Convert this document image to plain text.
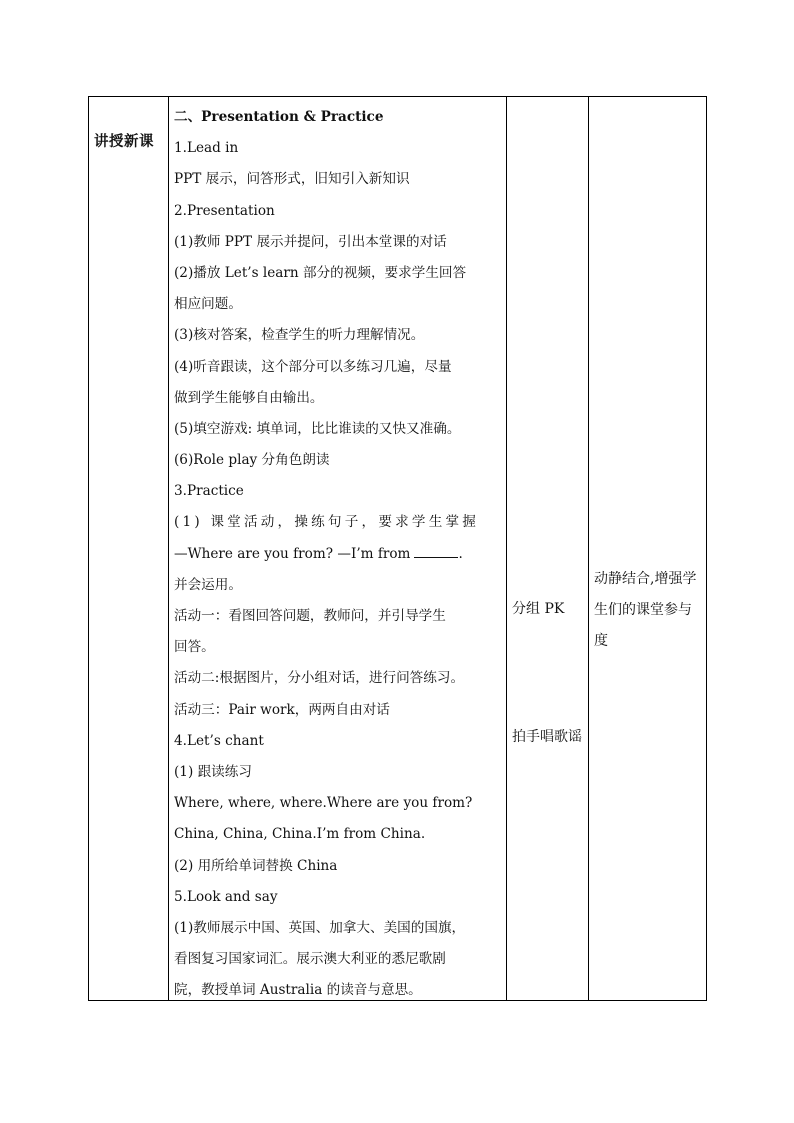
讲授新课
二、Presentation & Practice
1.Lead in
PPT 展示，问答形式，旧知引入新知识
2.Presentation
(1)教师 PPT 展示并提问，引出本堂课的对话
(2)播放 Let’s learn 部分的视频，要求学生回答
相应问题。
(3)核对答案，检查学生的听力理解情况。
(4)听音跟读，这个部分可以多练习几遍，尽量
做到学生能够自由输出。
(5)填空游戏: 填单词，比比谁读的又快又准确。
(6)Role play 分角色朗读
3.Practice
(1) 课堂活动，操练句子，要求学生掌握
—Where are you from? —I’m from	.
并会运用。
活动一：看图回答问题，教师问，并引导学生
回答。
活动二:根据图片，分小组对话，进行问答练习。
活动三：Pair work，两两自由对话
4.Let’s chant
(1) 跟读练习
Where, where, where.Where are you from?
China, China, China.I’m from China.
(2) 用所给单词替换 China
5.Look and say
(1)教师展示中国、英国、加拿大、美国的国旗，
看图复习国家词汇。展示澳大利亚的悉尼歌剧
院，教授单词 Australia 的读音与意思。

分组 PK

拍手唱歌谣

动静结合,增强学生们的课堂参与度
